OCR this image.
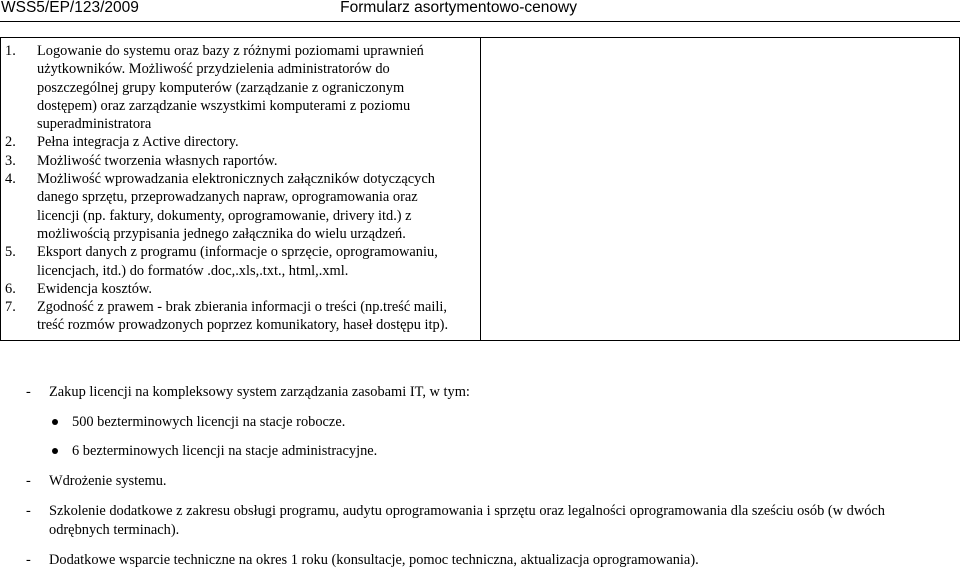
WSS5/EP/123/2009	Formularz asortymentowo-cenowy
1. Logowanie do systemu oraz bazy z różnymi poziomami uprawnień
użytkowników. Możliwość przydzielenia administratorów do
poszczególnej grupy komputerów (zarządzanie z ograniczonym
dostępem) oraz zarządzanie wszystkimi komputerami z poziomu
superadministratora
2. Pełna integracja z Active directory.
3. Możliwość tworzenia własnych raportów.
4. Możliwość wprowadzania elektronicznych załączników dotyczących
danego sprzętu, przeprowadzanych napraw, oprogramowania oraz
licencji (np. faktury, dokumenty, oprogramowanie, drivery itd.) z
możliwością przypisania jednego załącznika do wielu urządzeń.
5. Eksport danych z programu (informacje o sprzęcie, oprogramowaniu,
licencjach, itd.) do formatów .doc,.xls,.txt., html,.xml.
6. Ewidencja kosztów.
7. Zgodność z prawem - brak zbierania informacji o treści (np.treść maili,
treść rozmów prowadzonych poprzez komunikatory, haseł dostępu itp).
- Zakup licencji na kompleksowy system zarządzania zasobami IT, w tym:
500 bezterminowych licencji na stacje robocze.
6 bezterminowych licencji na stacje administracyjne.
- Wdrożenie systemu.
- Szkolenie dodatkowe z zakresu obsługi programu, audytu oprogramowania i sprzętu oraz legalności oprogramowania dla sześciu osób (w dwóch odrębnych terminach).
- Dodatkowe wsparcie techniczne na okres 1 roku (konsultacje, pomoc techniczna, aktualizacja oprogramowania).
